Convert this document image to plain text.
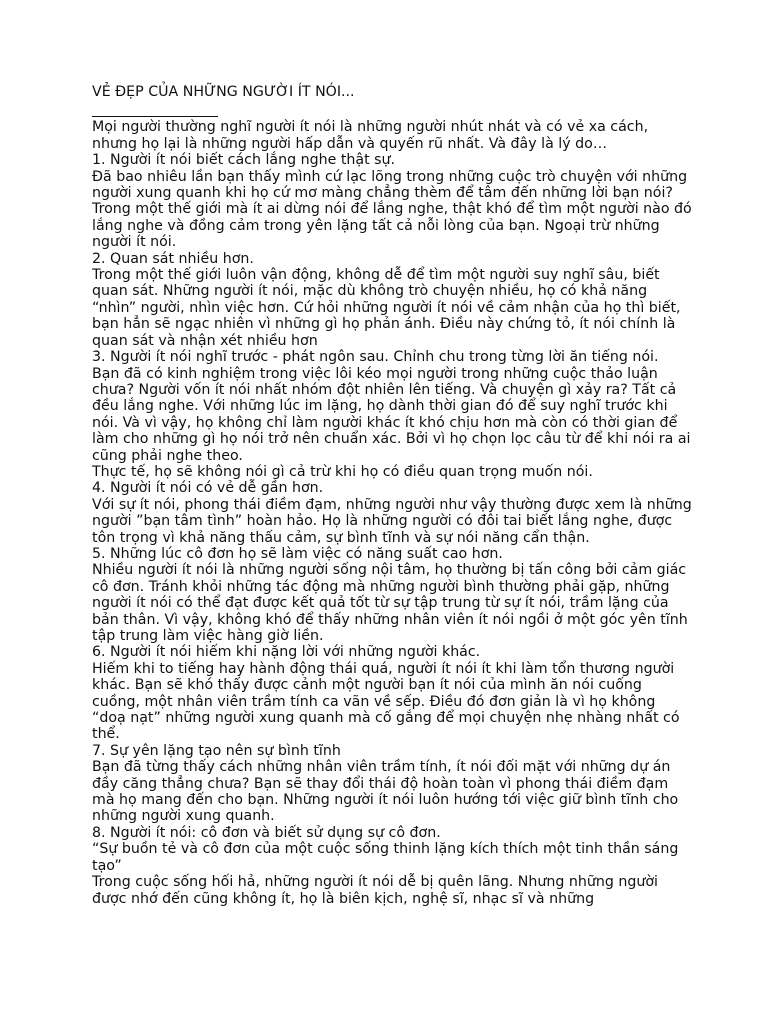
VẺ ĐẸP CỦA NHỮNG NGƯỜI ÍT NÓI...

Mọi người thường nghĩ người ít nói là những người nhút nhát và có vẻ xa cách, nhưng họ lại là những người hấp dẫn và quyến rũ nhất. Và đây là lý do…

1. Người ít nói biết cách lắng nghe thật sự.

Đã bao nhiêu lần bạn thấy mình cứ lạc lõng trong những cuộc trò chuyện với những người xung quanh khi họ cứ mơ màng chẳng thèm để tâm đến những lời bạn nói? Trong một thế giới mà ít ai dừng nói để lắng nghe, thật khó để tìm một người nào đó lắng nghe và đồng cảm trong yên lặng tất cả nỗi lòng của bạn. Ngoại trừ những người ít nói.

2. Quan sát nhiều hơn.

Trong một thế giới luôn vận động, không dễ để tìm một người suy nghĩ sâu, biết quan sát. Những người ít nói, mặc dù không trò chuyện nhiều, họ có khả năng “nhìn” người, nhìn việc hơn. Cứ hỏi những người ít nói về cảm nhận của họ thì biết, bạn hẳn sẽ ngạc nhiên vì những gì họ phản ánh. Điều này chứng tỏ, ít nói chính là quan sát và nhận xét nhiều hơn

3. Người ít nói nghĩ trước - phát ngôn sau. Chỉnh chu trong từng lời ăn tiếng nói.

Bạn đã có kinh nghiệm trong việc lôi kéo mọi người trong những cuộc thảo luận chưa? Người vốn ít nói nhất nhóm đột nhiên lên tiếng. Và chuyện gì xảy ra? Tất cả đều lắng nghe. Với những lúc im lặng, họ dành thời gian đó để suy nghĩ trước khi nói. Và vì vậy, họ không chỉ làm người khác ít khó chịu hơn mà còn có thời gian để làm cho những gì họ nói trở nên chuẩn xác. Bởi vì họ chọn lọc câu từ để khi nói ra ai cũng phải nghe theo.

Thực tế, họ sẽ không nói gì cả trừ khi họ có điều quan trọng muốn nói.

4. Người ít nói có vẻ dễ gần hơn.

Với sự ít nói, phong thái điềm đạm, những người như vậy thường được xem là những người ”bạn tâm tình” hoàn hảo. Họ là những người có đôi tai biết lắng nghe, được tôn trọng vì khả năng thấu cảm, sự bình tĩnh và sự nói năng cẩn thận.

5. Những lúc cô đơn họ sẽ làm việc có năng suất cao hơn.

Nhiều người ít nói là những người sống nội tâm, họ thường bị tấn công bởi cảm giác cô đơn. Tránh khỏi những tác động mà những người bình thường phải gặp, những người ít nói có thể đạt được kết quả tốt từ sự tập trung từ sự ít nói, trầm lặng của bản thân. Vì vậy, không khó để thấy những nhân viên ít nói ngồi ở một góc yên tĩnh tập trung làm việc hàng giờ liền.

6. Người ít nói hiếm khi nặng lời với những người khác.

Hiếm khi to tiếng hay hành động thái quá, người ít nói ít khi làm tổn thương người khác. Bạn sẽ khó thấy được cảnh một người bạn ít nói của mình ăn nói cuống cuồng, một nhân viên trầm tính ca vãn về sếp. Điều đó đơn giản là vì họ không “doạ nạt” những người xung quanh mà cố gắng để mọi chuyện nhẹ nhàng nhất có thể.

7. Sự yên lặng tạo nên sự bình tĩnh

Bạn đã từng thấy cách những nhân viên trầm tính, ít nói đối mặt với những dự án đầy căng thẳng chưa? Bạn sẽ thay đổi thái độ hoàn toàn vì phong thái điềm đạm mà họ mang đến cho bạn. Những người ít nói luôn hướng tới việc giữ bình tĩnh cho những người xung quanh.

8. Người ít nói: cô đơn và biết sử dụng sự cô đơn.

“Sự buồn tẻ và cô đơn của một cuộc sống thinh lặng kích thích một tinh thần sáng tạo”

Trong cuộc sống hối hả, những người ít nói dễ bị quên lãng. Nhưng những người được nhớ đến cũng không ít, họ là biên kịch, nghệ sĩ, nhạc sĩ và những
